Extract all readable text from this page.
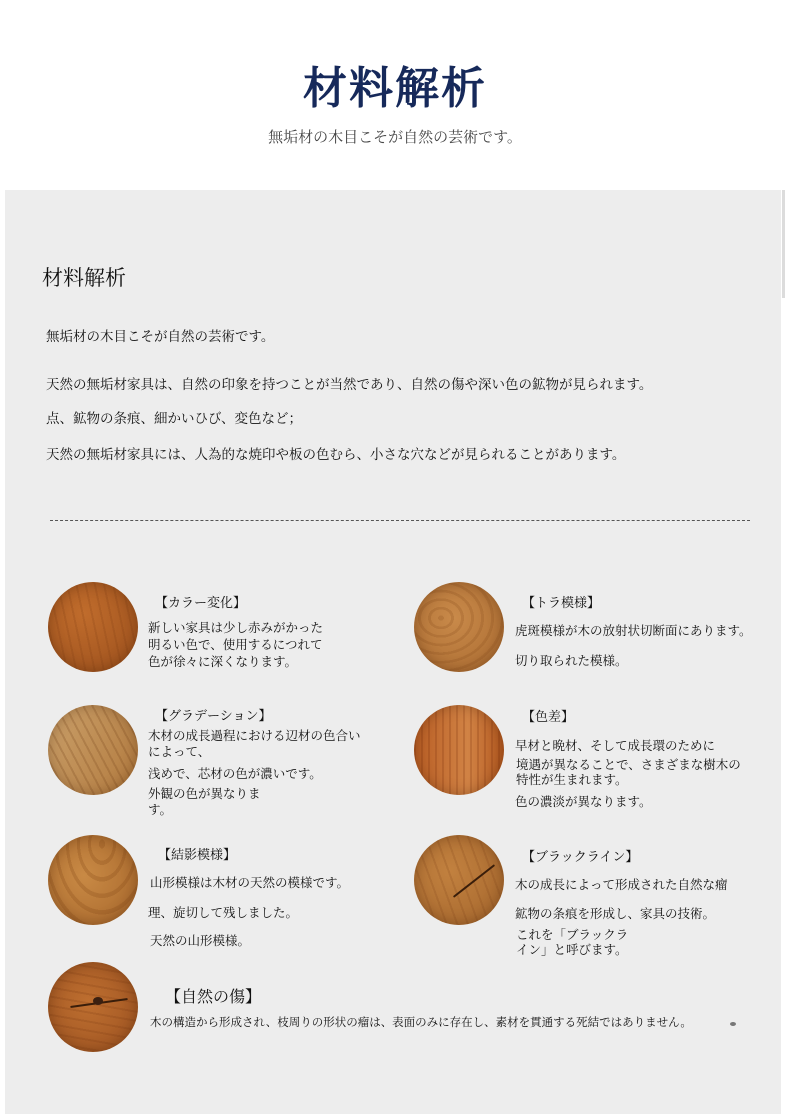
材料解析
無垢材の木目こそが自然の芸術です。
材料解析
無垢材の木目こそが自然の芸術です。
天然の無垢材家具は、自然の印象を持つことが当然であり、自然の傷や深い色の鉱物が見られます。
点、鉱物の条痕、細かいひび、変色など；
天然の無垢材家具には、人為的な焼印や板の色むら、小さな穴などが見られることがあります。
【カラー変化】
新しい家具は少し赤みがかった
明るい色で、使用するにつれて
色が徐々に深くなります。
【トラ模様】
虎斑模様が木の放射状切断面にあります。
切り取られた模様。
【グラデーション】
木材の成長過程における辺材の色合い
によって、
浅めで、芯材の色が濃いです。
外観の色が異なりま
す。
【色差】
早材と晩材、そして成長環のために
境遇が異なることで、さまざまな樹木の
特性が生まれます。
色の濃淡が異なります。
【結影模様】
山形模様は木材の天然の模様です。
理、旋切して残しました。
天然の山形模様。
【ブラックライン】
木の成長によって形成された自然な瘤
鉱物の条痕を形成し、家具の技術。
これを「ブラックラ
イン」と呼びます。
【自然の傷】
木の構造から形成され、枝周りの形状の瘤は、表面のみに存在し、素材を貫通する死結ではありません。
